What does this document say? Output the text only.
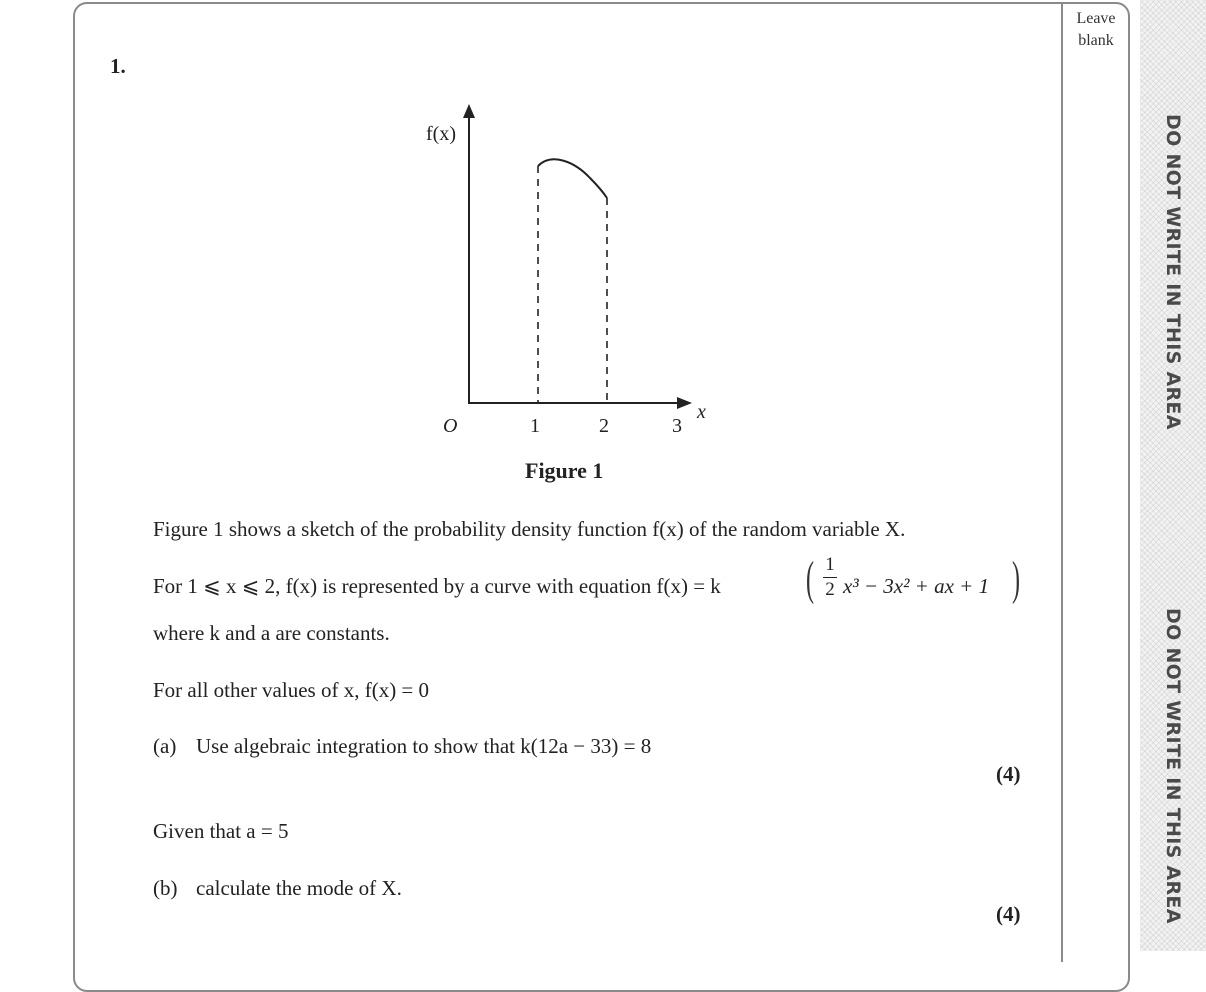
Leave
blank
DO NOT WRITE IN THIS AREA
DO NOT WRITE IN THIS AREA
1.
f(x)
x
O	1	2	3
Figure 1
Figure 1 shows a sketch of the probability density function f(x) of the random variable X.
For 1 ⩽ x ⩽ 2, f(x) is represented by a curve with equation f(x) = k ( 1
2 x³ − 3x² + ax + 1 )
where k and a are constants.
For all other values of x, f(x) = 0
(a) Use algebraic integration to show that k(12a − 33) = 8
(4)
Given that a = 5
(b) calculate the mode of X.
(4)
